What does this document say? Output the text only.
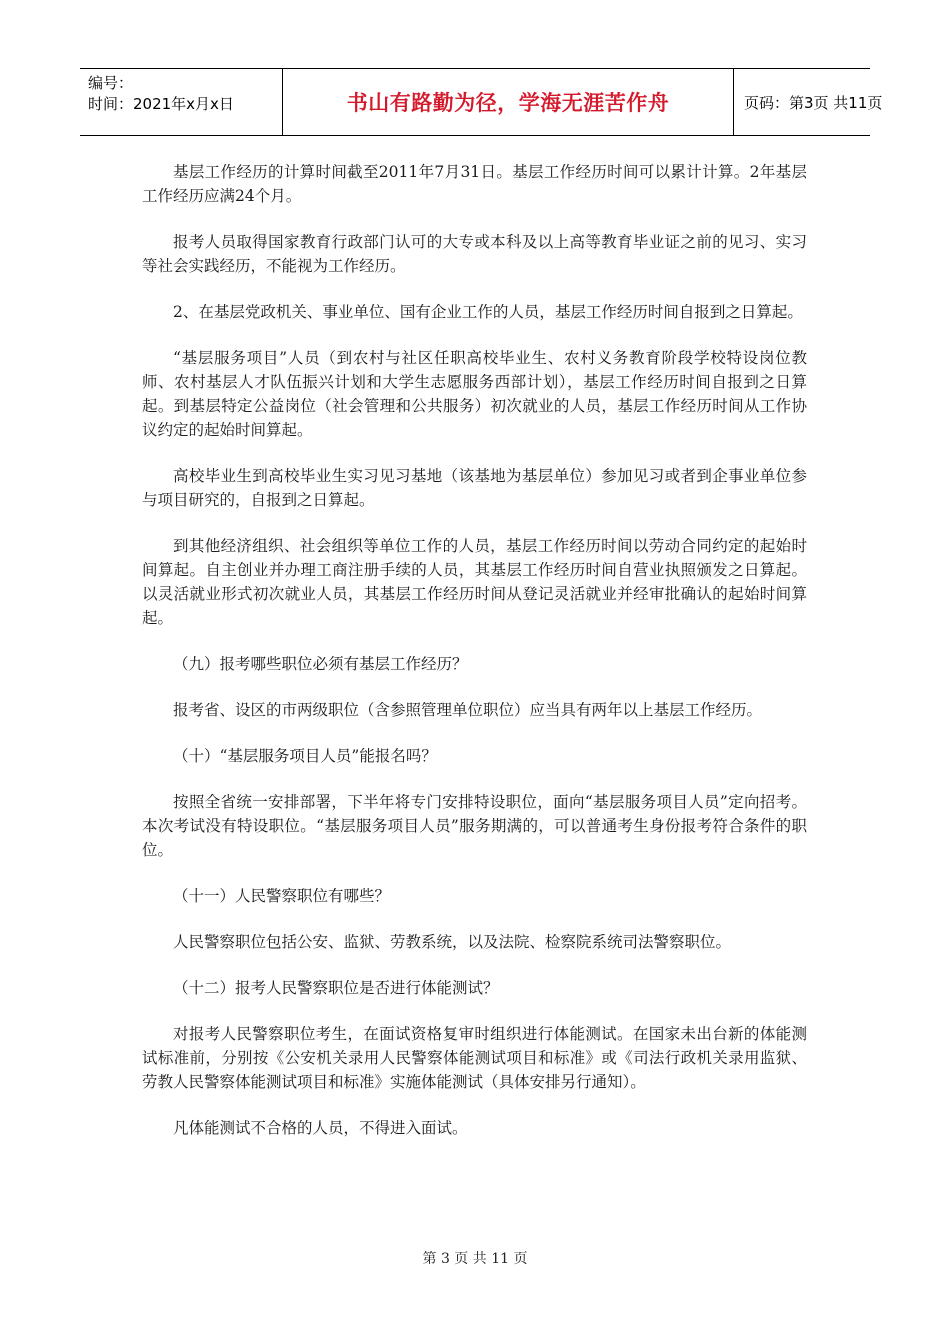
编号：
时间：2021年x月x日	书山有路勤为径，学海无涯苦作舟	页码：第3页 共11页

基层工作经历的计算时间截至2011年7月31日。基层工作经历时间可以累计计算。2年基层工作经历应满24个月。

报考人员取得国家教育行政部门认可的大专或本科及以上高等教育毕业证之前的见习、实习等社会实践经历，不能视为工作经历。

2、在基层党政机关、事业单位、国有企业工作的人员，基层工作经历时间自报到之日算起。

“基层服务项目”人员（到农村与社区任职高校毕业生、农村义务教育阶段学校特设岗位教师、农村基层人才队伍振兴计划和大学生志愿服务西部计划），基层工作经历时间自报到之日算起。到基层特定公益岗位（社会管理和公共服务）初次就业的人员，基层工作经历时间从工作协议约定的起始时间算起。

高校毕业生到高校毕业生实习见习基地（该基地为基层单位）参加见习或者到企事业单位参与项目研究的，自报到之日算起。

到其他经济组织、社会组织等单位工作的人员，基层工作经历时间以劳动合同约定的起始时间算起。自主创业并办理工商注册手续的人员，其基层工作经历时间自营业执照颁发之日算起。以灵活就业形式初次就业人员，其基层工作经历时间从登记灵活就业并经审批确认的起始时间算起。

（九）报考哪些职位必须有基层工作经历？

报考省、设区的市两级职位（含参照管理单位职位）应当具有两年以上基层工作经历。

（十）“基层服务项目人员”能报名吗？

按照全省统一安排部署，下半年将专门安排特设职位，面向“基层服务项目人员”定向招考。本次考试没有特设职位。“基层服务项目人员”服务期满的，可以普通考生身份报考符合条件的职位。

（十一）人民警察职位有哪些？

人民警察职位包括公安、监狱、劳教系统，以及法院、检察院系统司法警察职位。

（十二）报考人民警察职位是否进行体能测试？

对报考人民警察职位考生，在面试资格复审时组织进行体能测试。在国家未出台新的体能测试标准前，分别按《公安机关录用人民警察体能测试项目和标准》或《司法行政机关录用监狱、劳教人民警察体能测试项目和标准》实施体能测试（具体安排另行通知）。

凡体能测试不合格的人员，不得进入面试。

第 3 页 共 11 页
